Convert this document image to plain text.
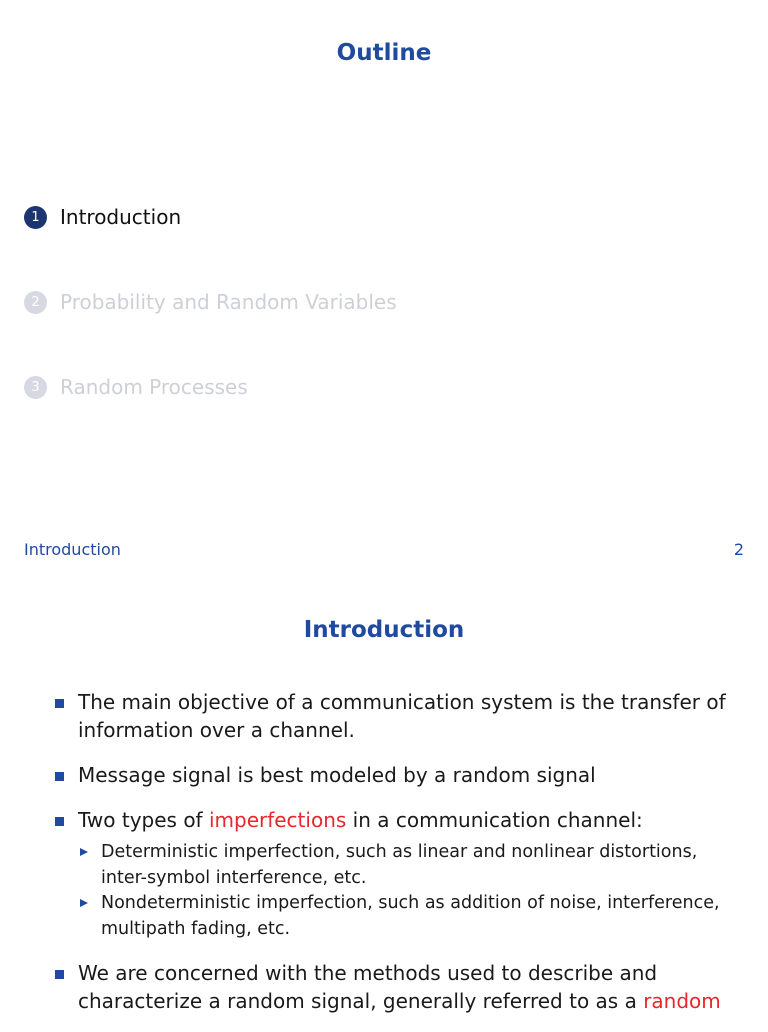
Outline
1	Introduction
2	Probability and Random Variables
3	Random Processes
Introduction	2
Introduction
The main objective of a communication system is the transfer of information over a channel.
Message signal is best modeled by a random signal
Two types of imperfections in a communication channel:
Deterministic imperfection, such as linear and nonlinear distortions, inter-symbol interference, etc.
Nondeterministic imperfection, such as addition of noise, interference, multipath fading, etc.
We are concerned with the methods used to describe and characterize a random signal, generally referred to as a random
